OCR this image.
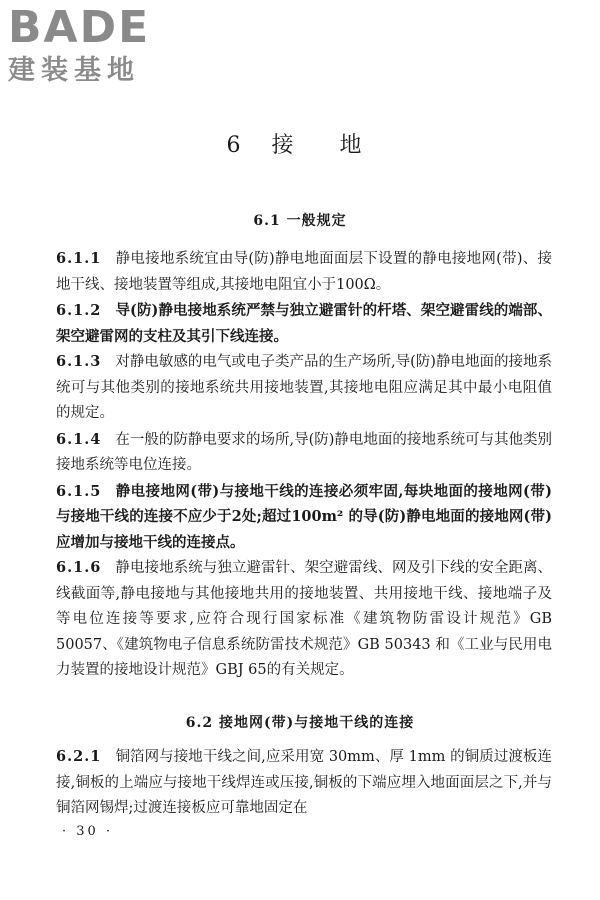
BADE
建装基地
6 接　地
6.1 一般规定

6.1.1 静电接地系统宜由导(防)静电地面面层下设置的静电接地网(带)、接地干线、接地装置等组成,其接地电阻宜小于100Ω。

6.1.2 导(防)静电接地系统严禁与独立避雷针的杆塔、架空避雷线的端部、架空避雷网的支柱及其引下线连接。

6.1.3 对静电敏感的电气或电子类产品的生产场所,导(防)静电地面的接地系统可与其他类别的接地系统共用接地装置,其接地电阻应满足其中最小电阻值的规定。

6.1.4 在一般的防静电要求的场所,导(防)静电地面的接地系统可与其他类别接地系统等电位连接。

6.1.5 静电接地网(带)与接地干线的连接必须牢固,每块地面的接地网(带)与接地干线的连接不应少于2处;超过100m² 的导(防)静电地面的接地网(带)应增加与接地干线的连接点。

6.1.6 静电接地系统与独立避雷针、架空避雷线、网及引下线的安全距离、线截面等,静电接地与其他接地共用的接地装置、共用接地干线、接地端子及等电位连接等要求,应符合现行国家标准《建筑物防雷设计规范》GB 50057、《建筑物电子信息系统防雷技术规范》GB 50343 和《工业与民用电力装置的接地设计规范》GBJ 65的有关规定。

6.2 接地网(带)与接地干线的连接

6.2.1 铜箔网与接地干线之间,应采用宽 30mm、厚 1mm 的铜质过渡板连接,铜板的上端应与接地干线焊连或压接,铜板的下端应埋入地面面层之下,并与铜箔网锡焊;过渡连接板应可靠地固定在

· 30 ·
